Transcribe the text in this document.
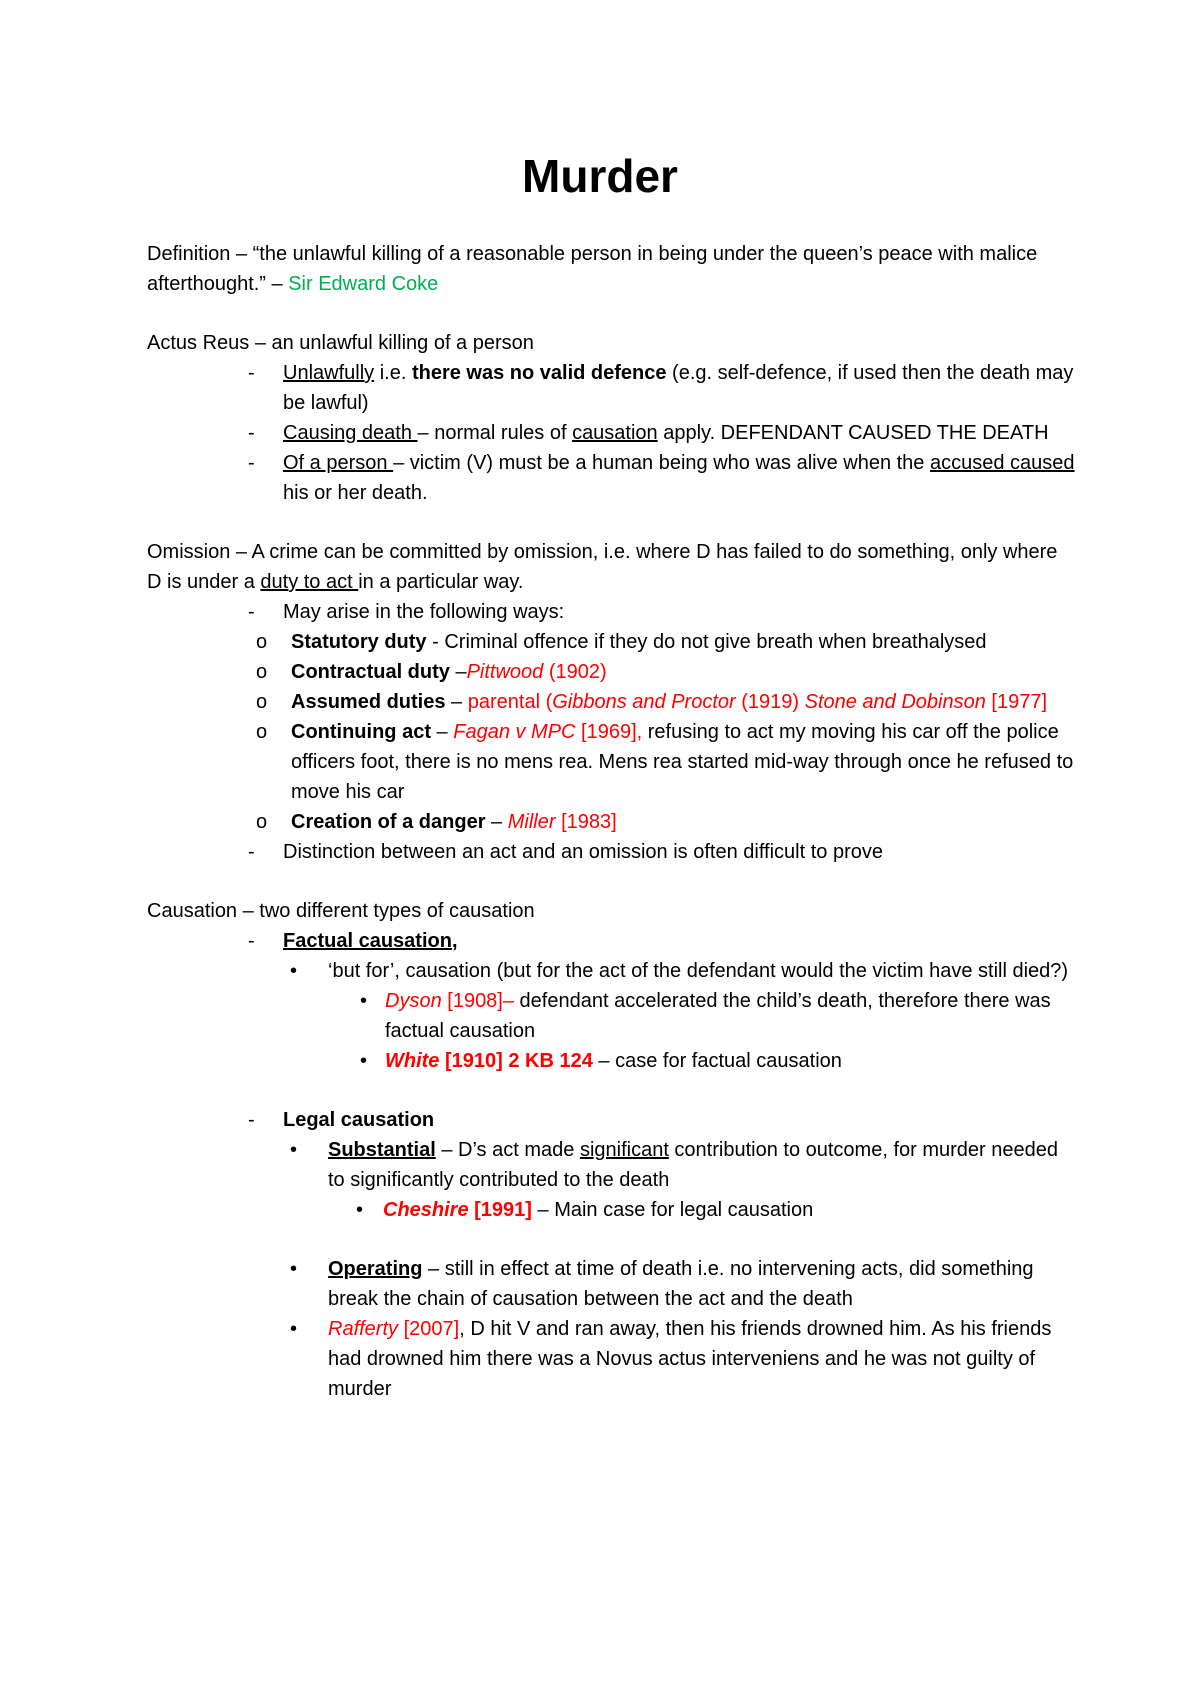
Murder

Definition – “the unlawful killing of a reasonable person in being under the queen’s peace with malice afterthought.” – Sir Edward Coke

Actus Reus – an unlawful killing of a person

- Unlawfully i.e. there was no valid defence (e.g. self-defence, if used then the death may be lawful)
- Causing death – normal rules of causation apply. DEFENDANT CAUSED THE DEATH
- Of a person – victim (V) must be a human being who was alive when the accused caused his or her death.

Omission – A crime can be committed by omission, i.e. where D has failed to do something, only where D is under a duty to act in a particular way.

- May arise in the following ways:
o Statutory duty - Criminal offence if they do not give breath when breathalysed
o Contractual duty –Pittwood (1902)
o Assumed duties – parental (Gibbons and Proctor (1919) Stone and Dobinson [1977]
o Continuing act – Fagan v MPC [1969], refusing to act my moving his car off the police officers foot, there is no mens rea. Mens rea started mid-way through once he refused to move his car
o Creation of a danger – Miller [1983]
- Distinction between an act and an omission is often difficult to prove

Causation – two different types of causation

- Factual causation,
• ‘but for’, causation (but for the act of the defendant would the victim have still died?)
• Dyson [1908]– defendant accelerated the child’s death, therefore there was factual causation
• White [1910] 2 KB 124 – case for factual causation
- Legal causation
• Substantial – D’s act made significant contribution to outcome, for murder needed to significantly contributed to the death
• Cheshire [1991] – Main case for legal causation
• Operating – still in effect at time of death i.e. no intervening acts, did something break the chain of causation between the act and the death
• Rafferty [2007], D hit V and ran away, then his friends drowned him. As his friends had drowned him there was a Novus actus interveniens and he was not guilty of murder
